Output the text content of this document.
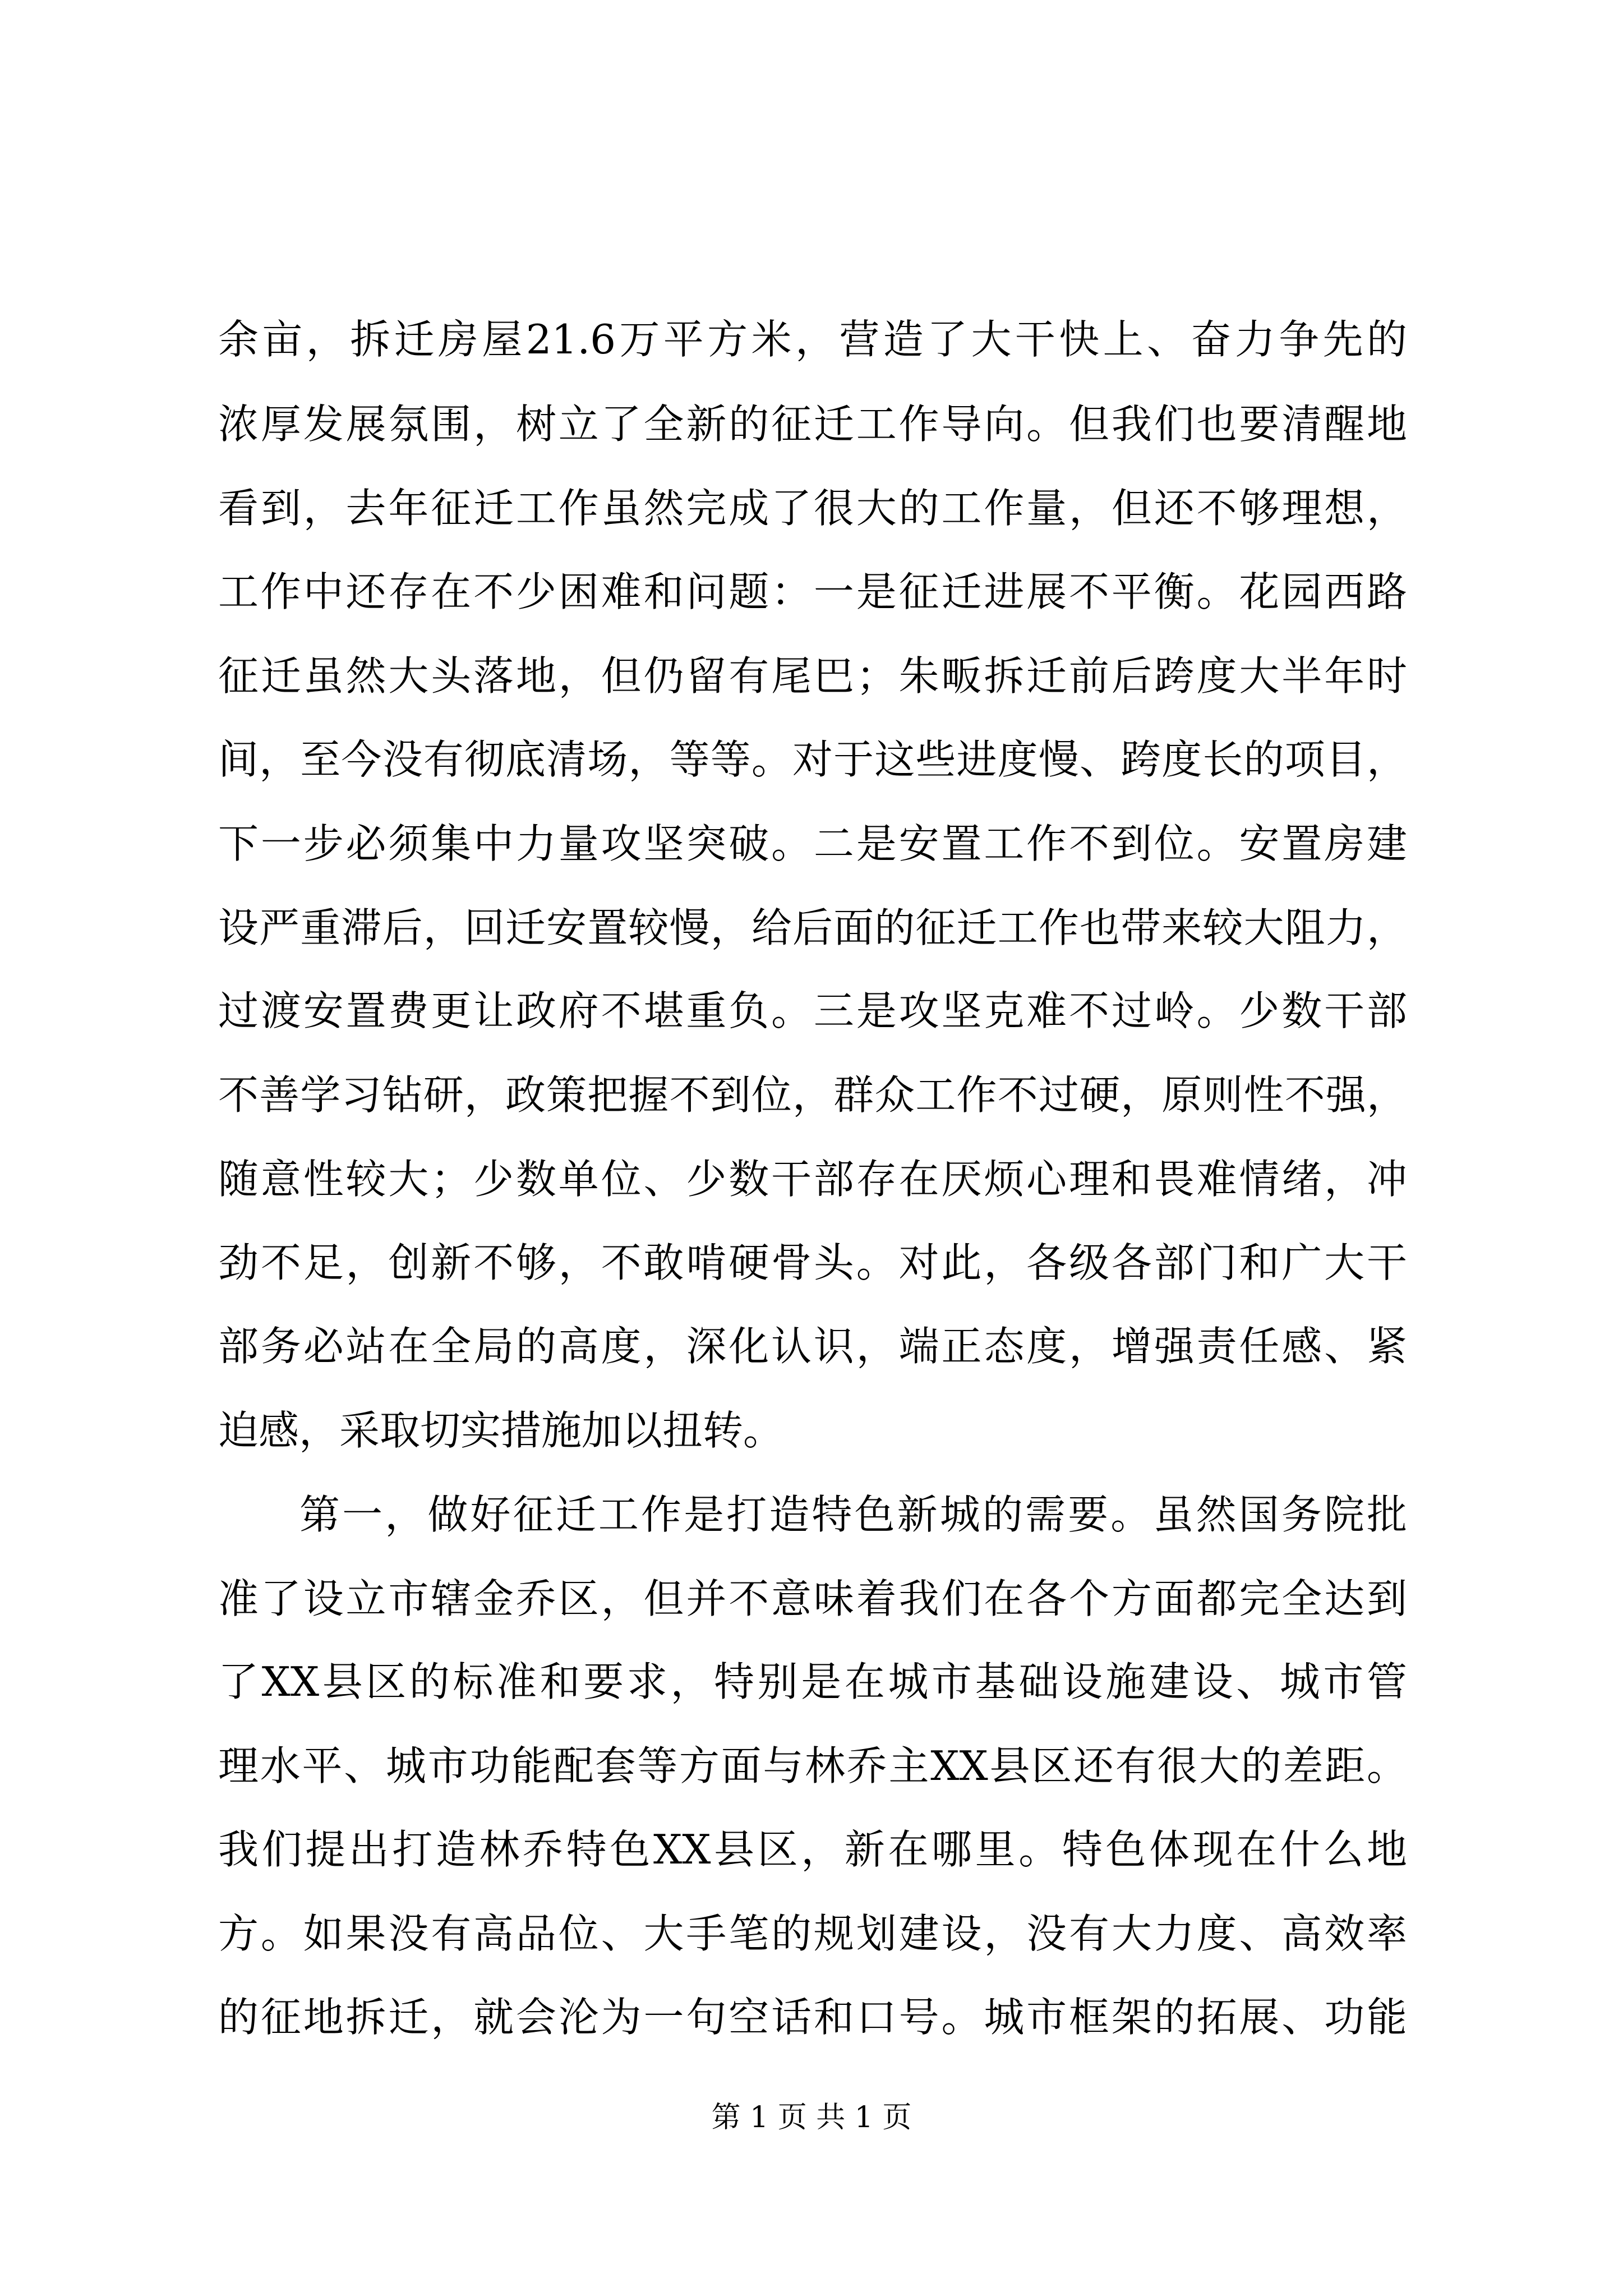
余亩，拆迁房屋21.6万平方米，营造了大干快上、奋力争先的
浓厚发展氛围，树立了全新的征迁工作导向。但我们也要清醒地
看到，去年征迁工作虽然完成了很大的工作量，但还不够理想，
工作中还存在不少困难和问题：一是征迁进展不平衡。花园西路
征迁虽然大头落地，但仍留有尾巴；朱畈拆迁前后跨度大半年时
间，至今没有彻底清场，等等。对于这些进度慢、跨度长的项目，
下一步必须集中力量攻坚突破。二是安置工作不到位。安置房建
设严重滞后，回迁安置较慢，给后面的征迁工作也带来较大阻力，
过渡安置费更让政府不堪重负。三是攻坚克难不过岭。少数干部
不善学习钻研，政策把握不到位，群众工作不过硬，原则性不强，
随意性较大；少数单位、少数干部存在厌烦心理和畏难情绪，冲
劲不足，创新不够，不敢啃硬骨头。对此，各级各部门和广大干
部务必站在全局的高度，深化认识，端正态度，增强责任感、紧
迫感，采取切实措施加以扭转。
第一，做好征迁工作是打造特色新城的需要。虽然国务院批
准了设立市辖金乔区，但并不意味着我们在各个方面都完全达到
了XX县区的标准和要求，特别是在城市基础设施建设、城市管
理水平、城市功能配套等方面与林乔主XX县区还有很大的差距。
我们提出打造林乔特色XX县区，新在哪里。特色体现在什么地
方。如果没有高品位、大手笔的规划建设，没有大力度、高效率
的征地拆迁，就会沦为一句空话和口号。城市框架的拓展、功能
第 1 页 共 1 页
